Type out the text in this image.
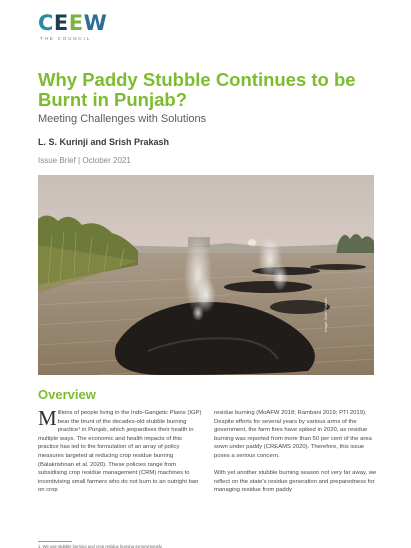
CEEW
THE COUNCIL
Why Paddy Stubble Continues to be Burnt in Punjab?
Meeting Challenges with Solutions
L. S. Kurinji and Srish Prakash
Issue Brief | October 2021
Image: Srish Prakash
Overview
Millions of people living in the Indo-Gangetic Plains (IGP) bear the brunt of the decades-old stubble burning practice¹ in Punjab, which jeopardises their health in multiple ways. The economic and health impacts of this practice has led to the formulation of an array of policy measures targeted at reducing crop residue burning (Balakrishnan et al. 2020). These policies range from subsidising crop residue management (CRM) machines to incentivising small farmers who do not burn to an outright ban on crop

residue burning (MoAFW 2018; Rambani 2019; PTI 2019). Despite efforts for several years by various arms of the government, the farm fires have spiked in 2020, as residue burning was reported from more than 50 per cent of the area sown under paddy (CREAMS 2020). Therefore, this issue poses a serious concern.

With yet another stubble burning season not very far away, we reflect on the state's residue generation and preparedness for managing residue from paddy

1. We use stubble burning and crop residue burning synonymously.
